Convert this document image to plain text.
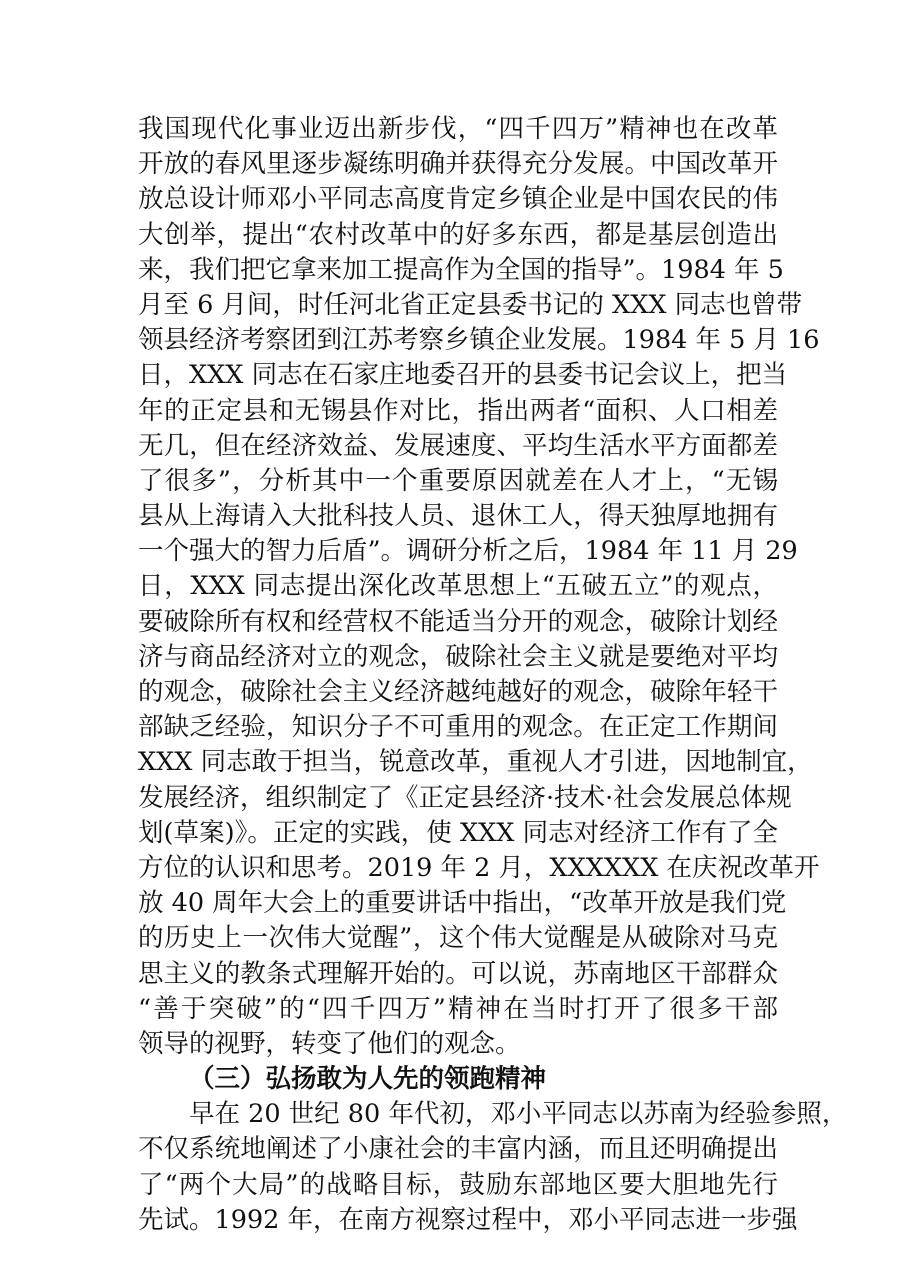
我国现代化事业迈出新步伐，“四千四万”精神也在改革
开放的春风里逐步凝练明确并获得充分发展。中国改革开
放总设计师邓小平同志高度肯定乡镇企业是中国农民的伟
大创举，提出“农村改革中的好多东西，都是基层创造出
来，我们把它拿来加工提高作为全国的指导”。1984 年 5
月至 6 月间，时任河北省正定县委书记的 XXX 同志也曾带
领县经济考察团到江苏考察乡镇企业发展。1984 年 5 月 16
日，XXX 同志在石家庄地委召开的县委书记会议上，把当
年的正定县和无锡县作对比，指出两者“面积、人口相差
无几，但在经济效益、发展速度、平均生活水平方面都差
了很多”，分析其中一个重要原因就差在人才上，“无锡
县从上海请入大批科技人员、退休工人，得天独厚地拥有
一个强大的智力后盾”。调研分析之后，1984 年 11 月 29
日，XXX 同志提出深化改革思想上“五破五立”的观点，
要破除所有权和经营权不能适当分开的观念，破除计划经
济与商品经济对立的观念，破除社会主义就是要绝对平均
的观念，破除社会主义经济越纯越好的观念，破除年轻干
部缺乏经验，知识分子不可重用的观念。在正定工作期间
XXX 同志敢于担当，锐意改革，重视人才引进，因地制宜，
发展经济，组织制定了《正定县经济·技术·社会发展总体规
划(草案)》。正定的实践，使 XXX 同志对经济工作有了全
方位的认识和思考。2019 年 2 月，XXXXXX 在庆祝改革开
放 40 周年大会上的重要讲话中指出，“改革开放是我们党
的历史上一次伟大觉醒”，这个伟大觉醒是从破除对马克
思主义的教条式理解开始的。可以说，苏南地区干部群众
“善于突破”的“四千四万”精神在当时打开了很多干部
领导的视野，转变了他们的观念。
（三）弘扬敢为人先的领跑精神
早在 20 世纪 80 年代初，邓小平同志以苏南为经验参照，
不仅系统地阐述了小康社会的丰富内涵，而且还明确提出
了“两个大局”的战略目标，鼓励东部地区要大胆地先行
先试。1992 年，在南方视察过程中，邓小平同志进一步强
